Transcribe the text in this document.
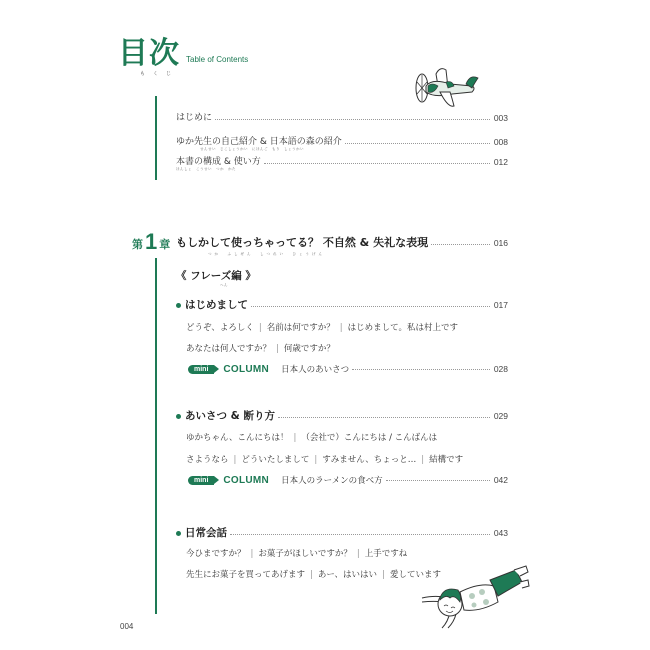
目次
もくじ
Table of Contents
はじめに	003
ゆか先生の自己紹介 & 日本語の森の紹介	008
せんせい　じこしょうかい　にほんご　もり　しょうかい
本書の構成 & 使い方	012
ほんしょ　こうせい　つか　かた
第 1 章 もしかして使っちゃってる？ 不自然 & 失礼な表現	016
つか　ふしぜん　しつれい　ひょうげん
《 フレーズ編 》
へん
はじめまして	017
どうぞ、よろしく | 名前は何ですか？ | はじめまして。私は村上です
あなたは何人ですか？ | 何歳ですか？
mini	COLUMN 日本人のあいさつ	028
あいさつ & 断り方	029
ゆかちゃん、こんにちは！ | （会社で）こんにちは / こんばんは
さようなら | どういたしまして | すみません、ちょっと… | 結構です
mini	COLUMN 日本人のラーメンの食べ方	042
日常会話	043
今ひまですか？ | お菓子がほしいですか？ | 上手ですね
先生にお菓子を買ってあげます | あー、はいはい | 愛しています
004
